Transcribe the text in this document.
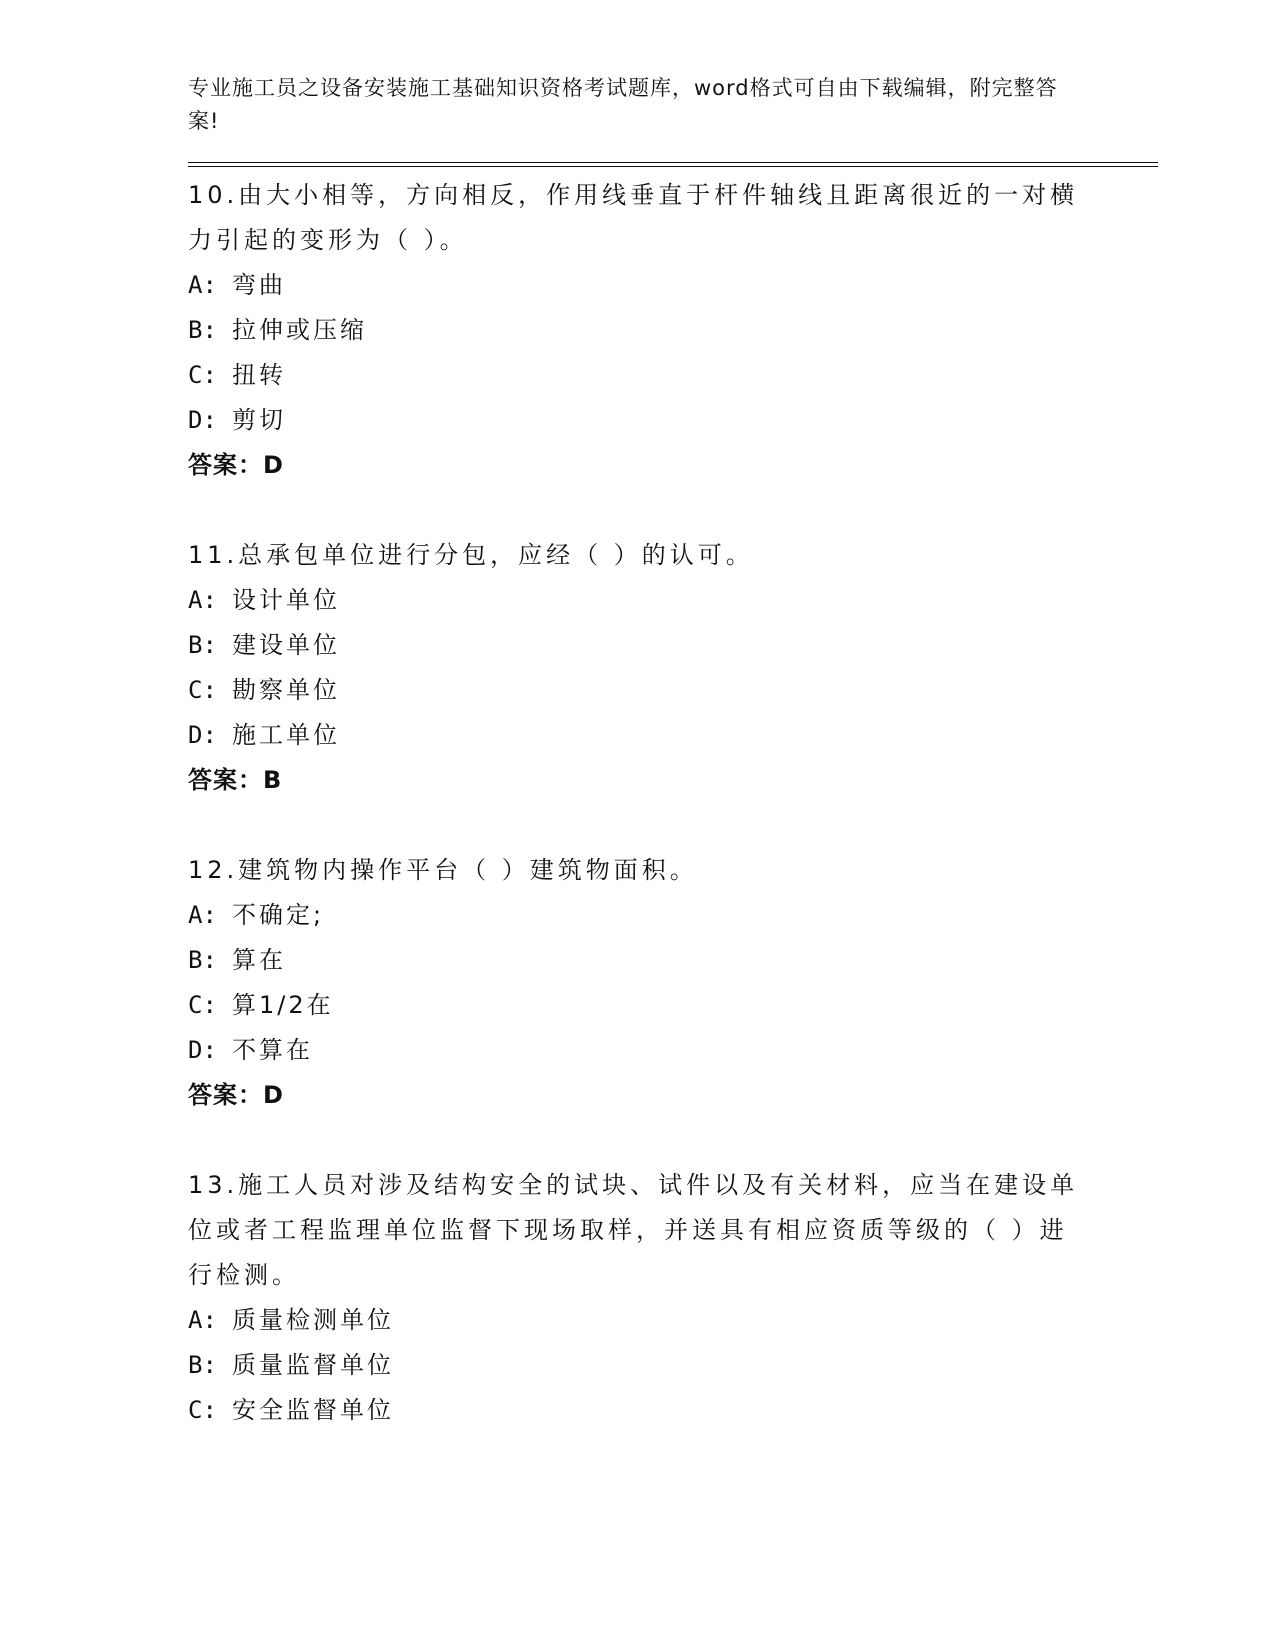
专业施工员之设备安装施工基础知识资格考试题库，word格式可自由下载编辑，附完整答案!
10.由大小相等，方向相反，作用线垂直于杆件轴线且距离很近的一对横力引起的变形为（ ）。
A: 弯曲
B: 拉伸或压缩
C: 扭转
D: 剪切
答案：D
11.总承包单位进行分包，应经（ ）的认可。
A: 设计单位
B: 建设单位
C: 勘察单位
D: 施工单位
答案：B
12.建筑物内操作平台（ ）建筑物面积。
A: 不确定;
B: 算在
C: 算1/2在
D: 不算在
答案：D
13.施工人员对涉及结构安全的试块、试件以及有关材料，应当在建设单位或者工程监理单位监督下现场取样，并送具有相应资质等级的（ ）进行检测。
A: 质量检测单位
B: 质量监督单位
C: 安全监督单位
